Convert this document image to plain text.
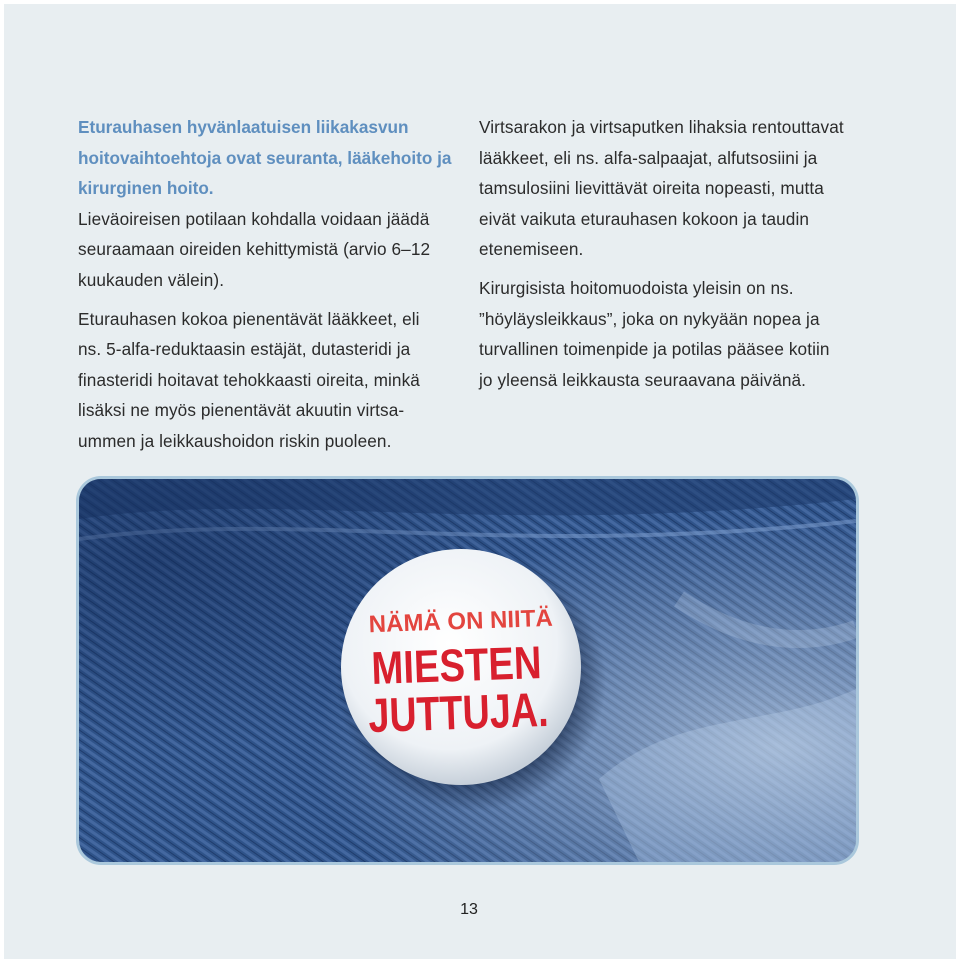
Eturauhasen hyvänlaatuisen liikakasvun
hoitovaihtoehtoja ovat seuranta, lääkehoito ja
kirurginen hoito.

Lieväoireisen potilaan kohdalla voidaan jäädä
seuraamaan oireiden kehittymistä (arvio 6–12
kuukauden välein).

Eturauhasen kokoa pienentävät lääkkeet, eli
ns. 5-alfa-reduktaasin estäjät, dutasteridi ja
finasteridi hoitavat tehokkaasti oireita, minkä
lisäksi ne myös pienentävät akuutin virtsa-
ummen ja leikkaushoidon riskin puoleen.

Virtsarakon ja virtsaputken lihaksia rentouttavat
lääkkeet, eli ns. alfa-salpaajat, alfutsosiini ja
tamsulosiini lievittävät oireita nopeasti, mutta
eivät vaikuta eturauhasen kokoon ja taudin
etenemiseen.

Kirurgisista hoitomuodoista yleisin on ns.
”höyläysleikkaus”, joka on nykyään nopea ja
turvallinen toimenpide ja potilas pääsee kotiin
jo yleensä leikkausta seuraavana päivänä.

NÄMÄ ON NIITÄ
MIESTEN
JUTTUJA.
13
